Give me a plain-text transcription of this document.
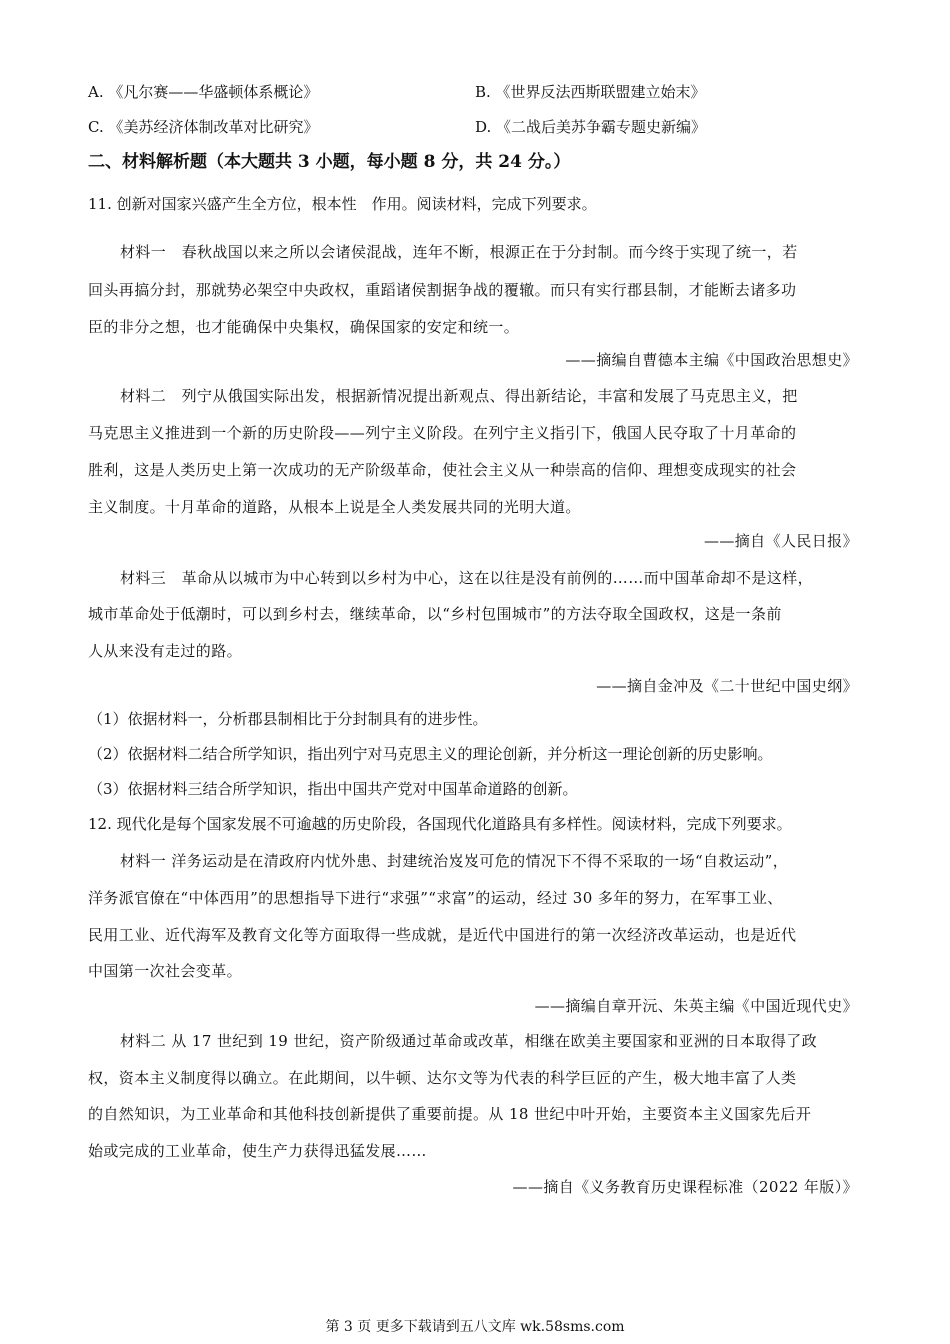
A. 《凡尔赛——华盛顿体系概论》	B. 《世界反法西斯联盟建立始末》
C. 《美苏经济体制改革对比研究》	D. 《二战后美苏争霸专题史新编》
二、材料解析题（本大题共 3 小题，每小题 8 分，共 24 分。）
11. 创新对国家兴盛产生全方位，根本性　作用。阅读材料，完成下列要求。
材料一　春秋战国以来之所以会诸侯混战，连年不断，根源正在于分封制。而今终于实现了统一，若
回头再搞分封，那就势必架空中央政权，重蹈诸侯割据争战的覆辙。而只有实行郡县制，才能断去诸多功
臣的非分之想，也才能确保中央集权，确保国家的安定和统一。
——摘编自曹德本主编《中国政治思想史》
材料二　列宁从俄国实际出发，根据新情况提出新观点、得出新结论，丰富和发展了马克思主义，把
马克思主义推进到一个新的历史阶段——列宁主义阶段。在列宁主义指引下，俄国人民夺取了十月革命的
胜利，这是人类历史上第一次成功的无产阶级革命，使社会主义从一种崇高的信仰、理想变成现实的社会
主义制度。十月革命的道路，从根本上说是全人类发展共同的光明大道。
——摘自《人民日报》
材料三　革命从以城市为中心转到以乡村为中心，这在以往是没有前例的……而中国革命却不是这样，
城市革命处于低潮时，可以到乡村去，继续革命，以“乡村包围城市”的方法夺取全国政权，这是一条前
人从来没有走过的路。
——摘自金冲及《二十世纪中国史纲》
（1）依据材料一，分析郡县制相比于分封制具有的进步性。
（2）依据材料二结合所学知识，指出列宁对马克思主义的理论创新，并分析这一理论创新的历史影响。
（3）依据材料三结合所学知识，指出中国共产党对中国革命道路的创新。
12. 现代化是每个国家发展不可逾越的历史阶段，各国现代化道路具有多样性。阅读材料，完成下列要求。
材料一 洋务运动是在清政府内忧外患、封建统治岌岌可危的情况下不得不采取的一场“自救运动”，
洋务派官僚在“中体西用”的思想指导下进行“求强”“求富”的运动，经过 30 多年的努力，在军事工业、
民用工业、近代海军及教育文化等方面取得一些成就，是近代中国进行的第一次经济改革运动，也是近代
中国第一次社会变革。
——摘编自章开沅、朱英主编《中国近现代史》
材料二 从 17 世纪到 19 世纪，资产阶级通过革命或改革，相继在欧美主要国家和亚洲的日本取得了政
权，资本主义制度得以确立。在此期间，以牛顿、达尔文等为代表的科学巨匠的产生，极大地丰富了人类
的自然知识，为工业革命和其他科技创新提供了重要前提。从 18 世纪中叶开始，主要资本主义国家先后开
始或完成的工业革命，使生产力获得迅猛发展……
——摘自《义务教育历史课程标准（2022 年版）》
第 3 页 更多下载请到五八文库 wk.58sms.com
